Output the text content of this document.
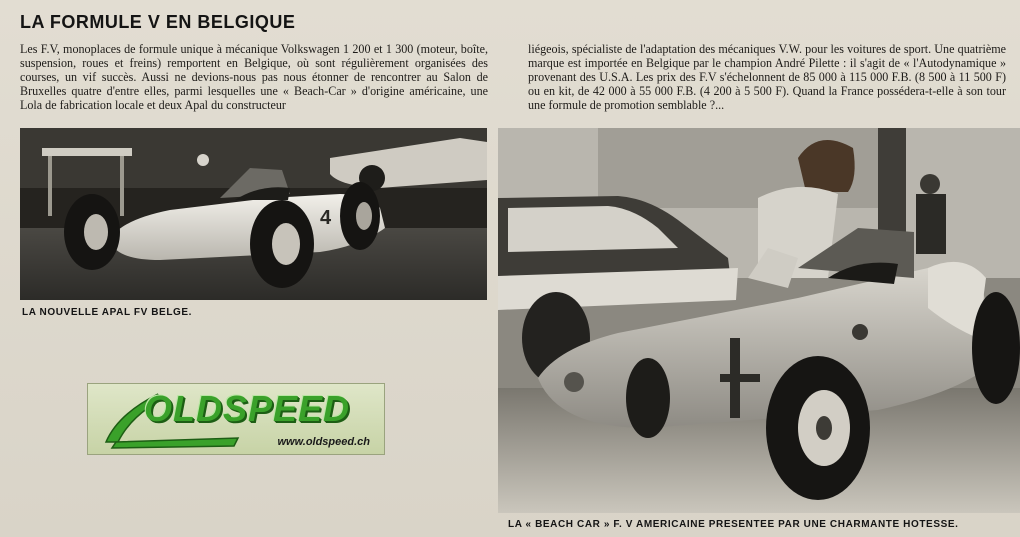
LA FORMULE V EN BELGIQUE
Les F.V, monoplaces de formule unique à mécanique Volkswagen 1 200 et 1 300 (moteur, boîte, suspension, roues et freins) remportent en Belgique, où sont régulièrement organisées des courses, un vif succès. Aussi ne devions-nous pas nous étonner de rencontrer au Salon de Bruxelles quatre d'entre elles, parmi lesquelles une « Beach-Car » d'origine américaine, une Lola de fabrication locale et deux Apal du constructeur
liégeois, spécialiste de l'adaptation des mécaniques V.W. pour les voitures de sport. Une quatrième marque est importée en Belgique par le champion André Pilette : il s'agit de « l'Autodynamique » provenant des U.S.A. Les prix des F.V s'échelonnent de 85 000 à 115 000 F.B. (8 500 à 11 500 F) ou en kit, de 42 000 à 55 000 F.B. (4 200 à 5 500 F). Quand la France possédera-t-elle à son tour une formule de promotion semblable ?...
4
LA NOUVELLE APAL FV BELGE.
LA « BEACH CAR » F. V AMERICAINE PRESENTEE PAR UNE CHARMANTE HOTESSE.
OLDSPEED
www.oldspeed.ch
